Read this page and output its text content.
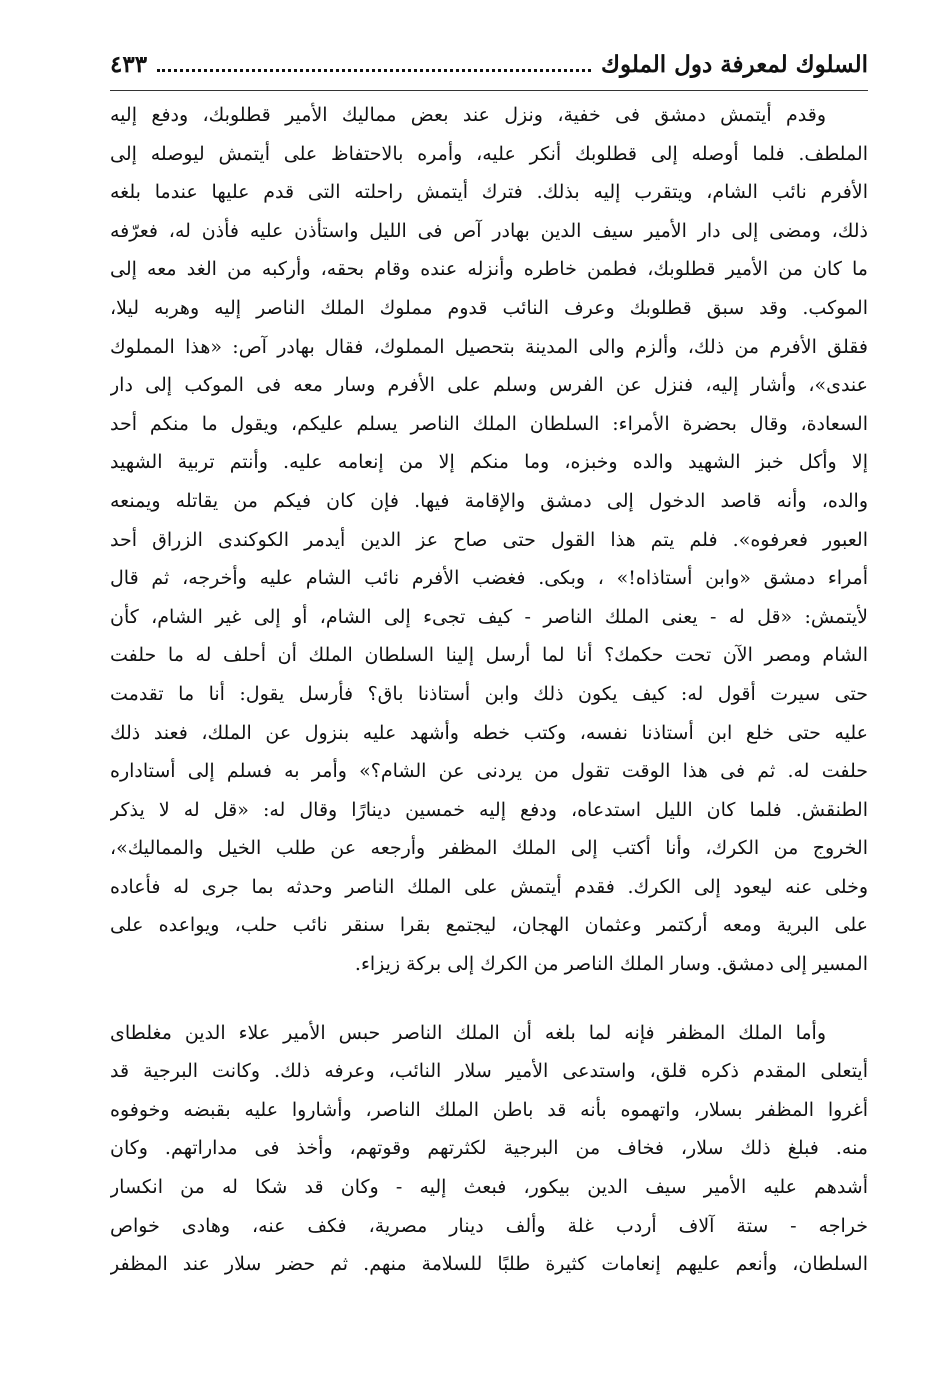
السلوك لمعرفة دول الملوك
٤٣٣
وقدم أيتمش دمشق فى خفية، ونزل عند بعض مماليك الأمير قطلوبك، ودفع إليه
الملطف. فلما أوصله إلى قطلوبك أنكر عليه، وأمره بالاحتفاظ على أيتمش ليوصله إلى
الأفرم نائب الشام، ويتقرب إليه بذلك. فترك أيتمش راحلته التى قدم عليها عندما بلغه
ذلك، ومضى إلى دار الأمير سيف الدين بهادر آص فى الليل واستأذن عليه فأذن له، فعرّفه
ما كان من الأمير قطلوبك، فطمن خاطره وأنزله عنده وقام بحقه، وأركبه من الغد معه إلى
الموكب. وقد سبق قطلوبك وعرف النائب قدوم مملوك الملك الناصر إليه وهربه ليلا،
فقلق الأفرم من ذلك، وألزم والى المدينة بتحصيل المملوك، فقال بهادر آص: «هذا المملوك
عندى»، وأشار إليه، فنزل عن الفرس وسلم على الأفرم وسار معه فى الموكب إلى دار
السعادة، وقال بحضرة الأمراء: السلطان الملك الناصر يسلم عليكم، ويقول ما منكم أحد
إلا وأكل خبز الشهيد والده وخبزه، وما منكم إلا من إنعامه عليه. وأنتم تربية الشهيد
والده، وأنه قاصد الدخول إلى دمشق والإقامة فيها. فإن كان فيكم من يقاتله ويمنعه
العبور فعرفوه». فلم يتم هذا القول حتى صاح عز الدين أيدمر الكوكندى الزراق أحد
أمراء دمشق «وابن أستاذاه!» ، وبكى. فغضب الأفرم نائب الشام عليه وأخرجه، ثم قال
لأيتمش: «قل له - يعنى الملك الناصر - كيف تجىء إلى الشام، أو إلى غير الشام، كأن
الشام ومصر الآن تحت حكمك؟ أنا لما أرسل إلينا السلطان الملك أن أحلف له ما حلفت
حتى سيرت أقول له: كيف يكون ذلك وابن أستاذنا باق؟ فأرسل يقول: أنا ما تقدمت
عليه حتى خلع ابن أستاذنا نفسه، وكتب خطه وأشهد عليه بنزول عن الملك، فعند ذلك
حلفت له. ثم فى هذا الوقت تقول من يردنى عن الشام؟» وأمر به فسلم إلى أستاداره
الطنقش. فلما كان الليل استدعاه، ودفع إليه خمسين دينارًا وقال له: «قل له لا يذكر
الخروج من الكرك، وأنا أكتب إلى الملك المظفر وأرجعه عن طلب الخيل والمماليك»،
وخلى عنه ليعود إلى الكرك. فقدم أيتمش على الملك الناصر وحدثه بما جرى له فأعاده
على البرية ومعه أركتمر وعثمان الهجان، ليجتمع بقرا سنقر نائب حلب، ويواعده على
المسير إلى دمشق. وسار الملك الناصر من الكرك إلى بركة زيزاء.
وأما الملك المظفر فإنه لما بلغه أن الملك الناصر حبس الأمير علاء الدين مغلطاى
أيتعلى المقدم ذكره قلق، واستدعى الأمير سلار النائب، وعرفه ذلك. وكانت البرجية قد
أغروا المظفر بسلار، واتهموه بأنه قد باطن الملك الناصر، وأشاروا عليه بقبضه وخوفوه
منه. فبلغ ذلك سلار، فخاف من البرجية لكثرتهم وقوتهم، وأخذ فى مداراتهم. وكان
أشدهم عليه الأمير سيف الدين بيكور، فبعث إليه - وكان قد شكا له من انكسار
خراجه - ستة آلاف أردب غلة وألف دينار مصرية، فكف عنه، وهادى خواص
السلطان، وأنعم عليهم إنعامات كثيرة طلبًا للسلامة منهم. ثم حضر سلار عند المظفر
